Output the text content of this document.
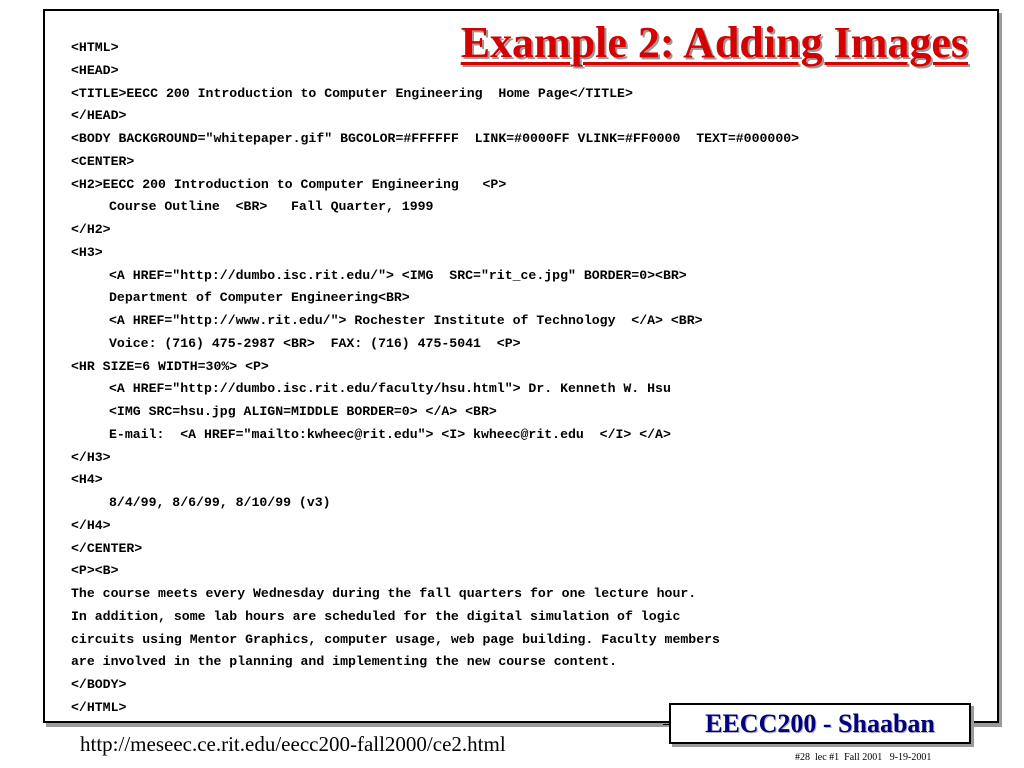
Example 2: Adding Images
<HTML>
<HEAD>
<TITLE>EECC 200 Introduction to Computer Engineering  Home Page</TITLE>
</HEAD>
<BODY BACKGROUND="whitepaper.gif" BGCOLOR=#FFFFFF  LINK=#0000FF VLINK=#FF0000  TEXT=#000000>
<CENTER>
<H2>EECC 200 Introduction to Computer Engineering   <P>
Course Outline  <BR>   Fall Quarter, 1999
</H2>
<H3>
<A HREF="http://dumbo.isc.rit.edu/"> <IMG  SRC="rit_ce.jpg" BORDER=0><BR>
Department of Computer Engineering<BR>
<A HREF="http://www.rit.edu/"> Rochester Institute of Technology  </A> <BR>
Voice: (716) 475-2987 <BR>  FAX: (716) 475-5041  <P>
<HR SIZE=6 WIDTH=30%> <P>
<A HREF="http://dumbo.isc.rit.edu/faculty/hsu.html"> Dr. Kenneth W. Hsu
<IMG SRC=hsu.jpg ALIGN=MIDDLE BORDER=0> </A> <BR>
E-mail:  <A HREF="mailto:kwheec@rit.edu"> <I> kwheec@rit.edu  </I> </A>
</H3>
<H4>
8/4/99, 8/6/99, 8/10/99 (v3)
</H4>
</CENTER>
<P><B>
The course meets every Wednesday during the fall quarters for one lecture hour.
In addition, some lab hours are scheduled for the digital simulation of logic
circuits using Mentor Graphics, computer usage, web page building. Faculty members
are involved in the planning and implementing the new course content.
</BODY>
</HTML>
EECC200 - Shaaban
http://meseec.ce.rit.edu/eecc200-fall2000/ce2.html
#28  lec #1  Fall 2001   9-19-2001
